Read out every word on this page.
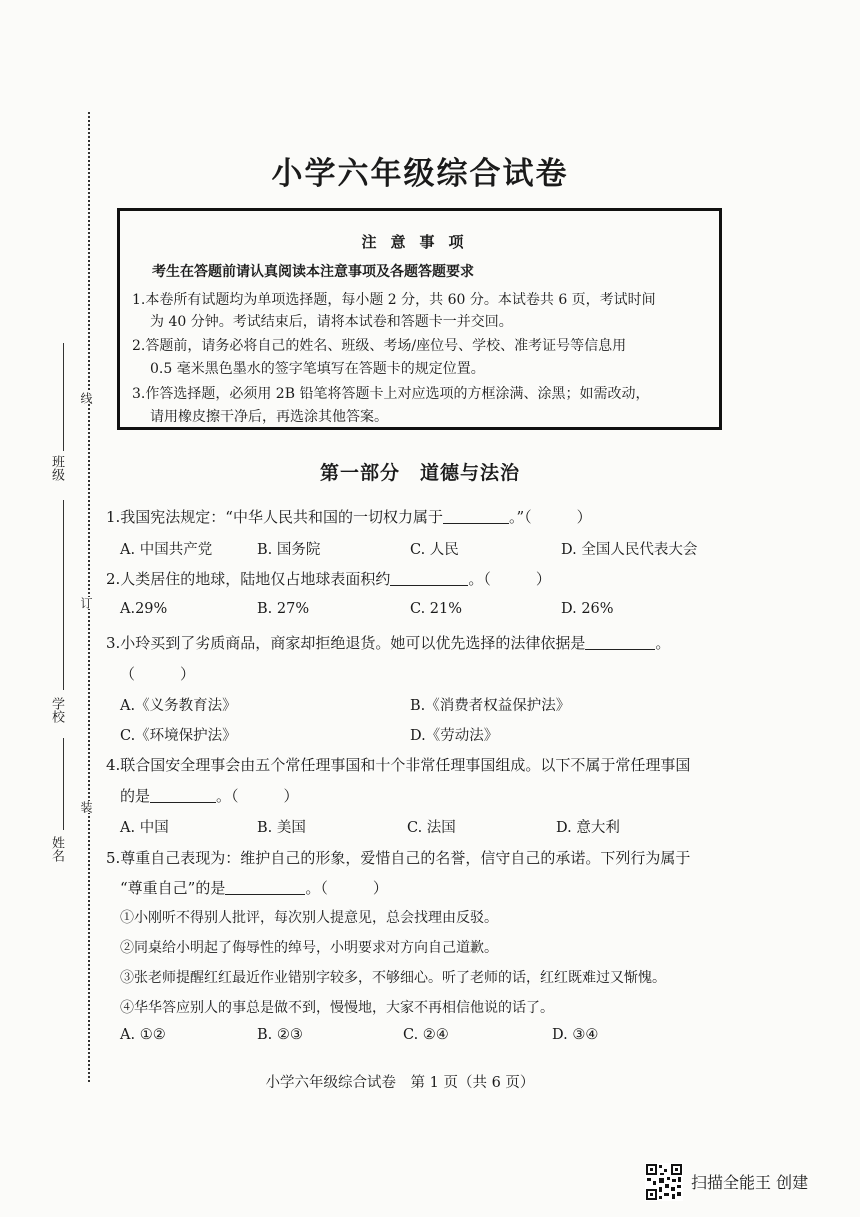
班级
学校
姓名
线
订
装
小学六年级综合试卷
注意事项
考生在答题前请认真阅读本注意事项及各题答题要求
1.本卷所有试题均为单项选择题，每小题 2 分，共 60 分。本试卷共 6 页，考试时间
为 40 分钟。考试结束后，请将本试卷和答题卡一并交回。
2.答题前，请务必将自己的姓名、班级、考场/座位号、学校、准考证号等信息用
0.5 毫米黑色墨水的签字笔填写在答题卡的规定位置。
3.作答选择题，必须用 2B 铅笔将答题卡上对应选项的方框涂满、涂黑；如需改动，
请用橡皮擦干净后，再选涂其他答案。
第一部分　道德与法治
1.我国宪法规定：“中华人民共和国的一切权力属于	。”（　　　）
A. 中国共产党	B. 国务院	C. 人民	D. 全国人民代表大会
2.人类居住的地球，陆地仅占地球表面积约	。（　　　）
A.29%	B. 27%	C. 21%	D. 26%
3.小玲买到了劣质商品，商家却拒绝退货。她可以优先选择的法律依据是	。
（　　　）
A.《义务教育法》	B.《消费者权益保护法》
C.《环境保护法》	D.《劳动法》
4.联合国安全理事会由五个常任理事国和十个非常任理事国组成。以下不属于常任理事国
的是	。（　　　）
A. 中国	B. 美国	C. 法国	D. 意大利
5.尊重自己表现为：维护自己的形象，爱惜自己的名誉，信守自己的承诺。下列行为属于
“尊重自己”的是	。（　　　）
①小刚听不得别人批评，每次别人提意见，总会找理由反驳。
②同桌给小明起了侮辱性的绰号，小明要求对方向自己道歉。
③张老师提醒红红最近作业错别字较多，不够细心。听了老师的话，红红既难过又惭愧。
④华华答应别人的事总是做不到，慢慢地，大家不再相信他说的话了。
A. ①②	B. ②③	C. ②④	D. ③④
小学六年级综合试卷　第 1 页（共 6 页）
扫描全能王 创建
